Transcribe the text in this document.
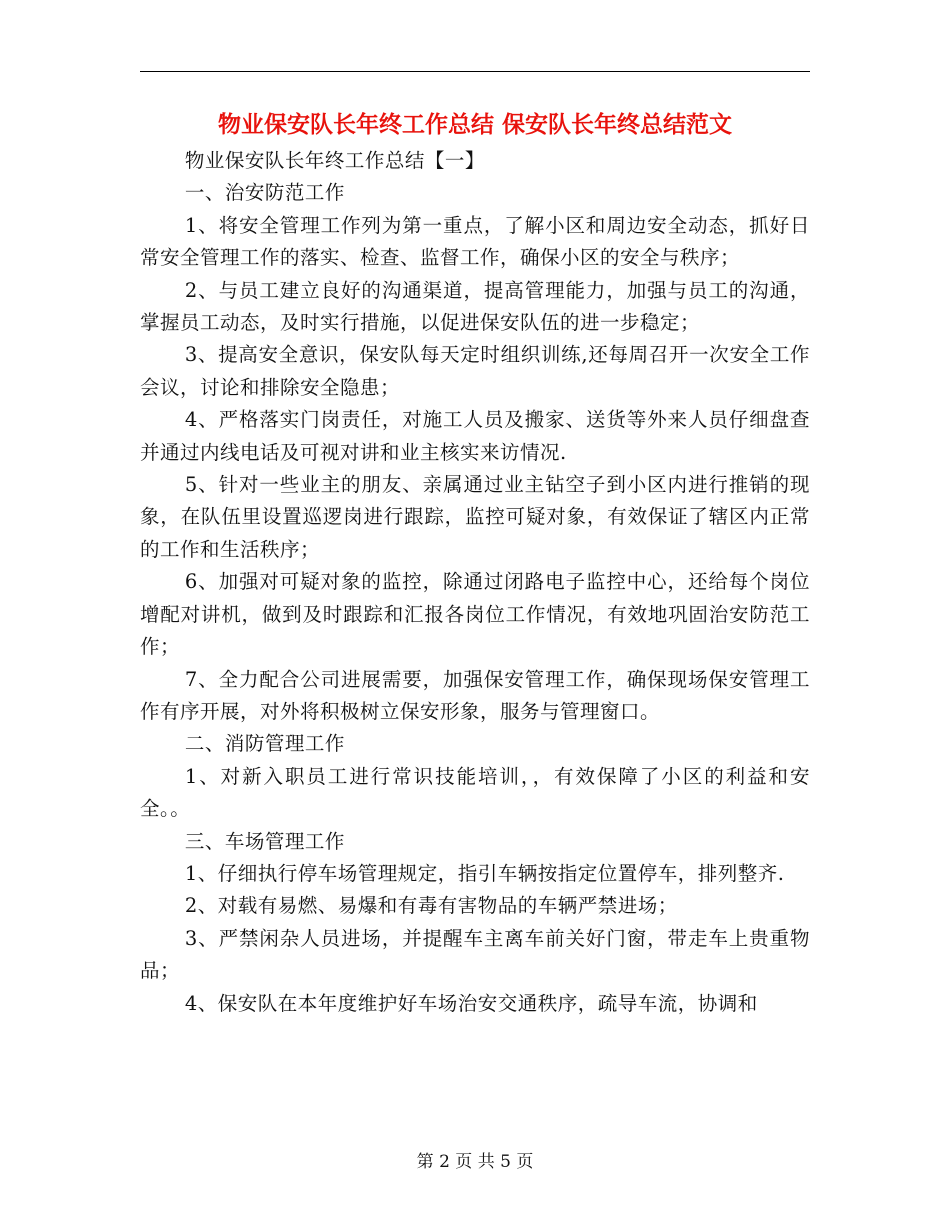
物业保安队长年终工作总结 保安队长年终总结范文

物业保安队长年终工作总结【一】

一、治安防范工作

1、将安全管理工作列为第一重点，了解小区和周边安全动态，抓好日常安全管理工作的落实、检查、监督工作，确保小区的安全与秩序；

2、与员工建立良好的沟通渠道，提高管理能力，加强与员工的沟通，掌握员工动态，及时实行措施，以促进保安队伍的进一步稳定；

3、提高安全意识，保安队每天定时组织训练,还每周召开一次安全工作会议，讨论和排除安全隐患；

4、严格落实门岗责任，对施工人员及搬家、送货等外来人员仔细盘查并通过内线电话及可视对讲和业主核实来访情况.

5、针对一些业主的朋友、亲属通过业主钻空子到小区内进行推销的现象，在队伍里设置巡逻岗进行跟踪，监控可疑对象，有效保证了辖区内正常的工作和生活秩序；

6、加强对可疑对象的监控，除通过闭路电子监控中心，还给每个岗位增配对讲机，做到及时跟踪和汇报各岗位工作情况，有效地巩固治安防范工作；

7、全力配合公司进展需要，加强保安管理工作，确保现场保安管理工作有序开展，对外将积极树立保安形象，服务与管理窗口。

二、消防管理工作

1、对新入职员工进行常识技能培训，，有效保障了小区的利益和安全。。

三、车场管理工作

1、仔细执行停车场管理规定，指引车辆按指定位置停车，排列整齐.

2、对载有易燃、易爆和有毒有害物品的车辆严禁进场；

3、严禁闲杂人员进场，并提醒车主离车前关好门窗，带走车上贵重物品；

4、保安队在本年度维护好车场治安交通秩序，疏导车流，协调和

第 2 页 共 5 页
